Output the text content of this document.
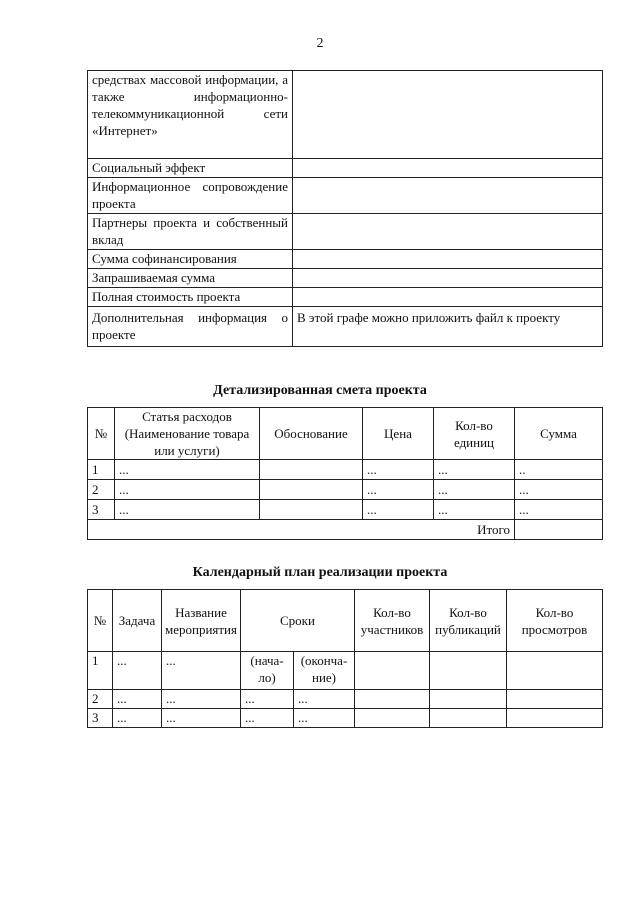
2
средствах массовой информации, а также информационно-телекоммуникационной сети «Интернет»	
Социальный эффект	
Информационное сопровождение проекта	
Партнеры проекта и собственный вклад	
Сумма софинансирования	
Запрашиваемая сумма	
Полная стоимость проекта	
Дополнительная информация о проекте	В этой графе можно приложить файл к проекту
Детализированная смета проекта
№	Статья расходов (Наименование товара или услуги)	Обоснование	Цена	Кол-во единиц	Сумма
1	...		...	...	..
2	...		...	...	...
3	...		...	...	...
Итого					
Календарный план реализации проекта
№	Задача	Название мероприятия	Сроки		Кол-во участников	Кол-во публикаций	Кол-во просмотров
1	...	...	(нача-ло)	(оконча-ние)			
2	...	...	...	...			
3	...	...	...	...			
